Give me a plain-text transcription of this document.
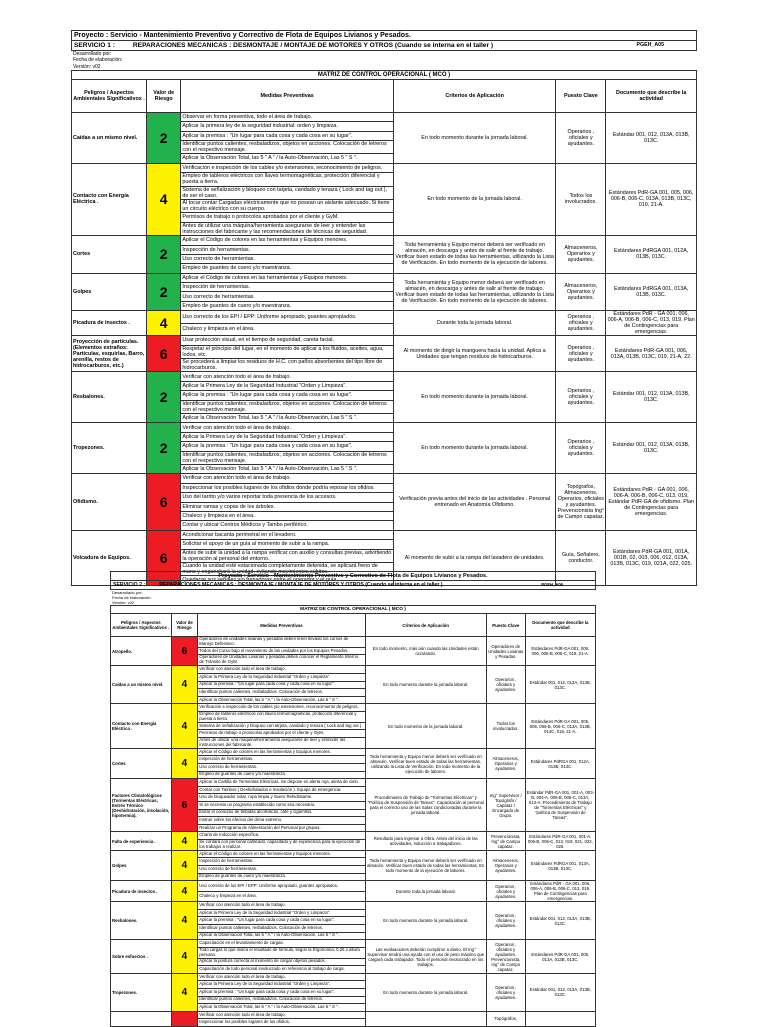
Proyecto : Servicio - Mantenimiento Preventivo y Correctivo de Flota de Equipos Livianos y Pesados.
SERVICIO 1 :	REPARACIONES MECANICAS : DESMONTAJE / MONTAJE DE MOTORES Y OTROS (Cuando se interna en el taller )	PGEH_A05
Desarrollado por:
Fecha de elaboración:
Versión: v02
MATRIZ DE CONTROL OPERACIONAL ( MCO )
Peligros / Aspectos Ambientales Significativos .	Valor de Riesgo	Medidas Preventivas	Criterios de Aplicación	Puesto Clave	Documento que describe la actividad
Caídas a un mismo nivel.	2	Observar en forma preventiva, todo el área de trabajo.	En todo momento durante la jornada laboral.	Operarios , oficiales y ayudantes.	Estándar 001, 012, 013A, 013B, 013C.
		Aplicar la primera ley de la seguridad industrial: orden y limpieza.			
		Aplicar la premisa : "Un lugar para cada cosa y cada cosa en su lugar".			
		Identificar puntos calientes, resbaladizos, objetos en acciones. Colocación de letreros con el respectivo mensaje.			
		Aplicar la Observación Total, las 5 " A " / la Auto-Observación, Las 5 " S ".			
Contacto con Energía Eléctrica .	4	Verificación e inspección de los cables y/o extensiones, reconocimiento de peligros.	En todo momento de la jornada laboral.	Todos los involucrados.	Estándares PdR-GA 001, 005, 006, 006-B, 006-C, 013A, 013B, 013C, 019, 21-A.
		Empleo de tableros eléctricos con llaves termomagnéticas, protección diferencial y puesta a tierra.			
		Sistema de señalización y bloqueo con tarjeta, candado y tenaza ( Lock and tag out ), de ser el caso.			
		Al tocar contar Cargadas eléctricamente que no posean un aislante adecuado. Si tiene un circuito eléctrico con su cuerpo.			
		Permisos de trabajo o protocolos aprobados por el cliente y GyM.			
		Antes de utilizar una máquina/herramienta asegurarse de leer y entender las instrucciones del fabricante y las recomendaciones de técnicas de seguridad.			
Cortes	2	Aplicar el Código de colores en las herramientas y Equipos menores.	Toda herramienta y Equipo menor deberá ser verificado en almacén, en descarga y antes de salir al frente de trabajo. Verificar buen estado de todas las herramientas, utilizando la Lista de Verificación. En todo momento de la ejecución de labores.	Almaceneros, Operarios y ayudantes.	Estándares PdRGA 001, 012A, 013B, 013C.
		Inspección de herramientas.			
		Uso correcto de herramientas.			
		Empleo de guantes de cuero y/o maestranza.			
Golpes	2	Aplicar el Código de colores en las herramientas y Equipos menores.	Toda herramienta y Equipo menor deberá ser verificado en almacén, en descarga y antes de salir al frente de trabajo. Verificar buen estado de todas las herramientas, utilizando la Lista de Verificación. En todo momento de la ejecución de labores.	Almaceneros, Operarios y ayudantes.	Estándares PdRGA 001, 013A, 013B, 013C.
		Inspección de herramientas.			
		Uso correcto de herramientas.			
		Empleo de guantes de cuero y/o maestranza.			
Picadura de insectos .	4	Uso correcto de los EPI / EPP: Uniforme apropiado, guantes apropiados.	Durante toda la jornada laboral.	Operarios , oficiales y ayudantes.	Estándares PdR - GA 001, 006, 006-A, 006-B, 006-C, 013, 019. Plan de Contingencias para emergencias.
		Chaleco y limpieza en el área.			
Proyección de partículas. (Elementos extraños: Partículas, esquirlas, Barro, arenilla, restos de hidrocarburos, etc.)	6	Usar protección visual, en el tiempo de seguridad, careta facial.	Al momento de dirigir la manguera hacia la unidad. Aplica a Unidades que tengan residuos de hidrocarburos.	Operarios , oficiales y ayudantes.	Estándares PdR-GA 001, 006, 013A, 013B, 013C, 019, 21-A, 22.
		Respetar el principio del lugar, en el momento de aplicar a los fluidos, aceites, agua, lodos, etc.			
		Se procederá a limpiar los residuos de H.C. con paños absorbentes del tipo libre de hidrocarburos.			
Resbalones.	2	Verificar con atención todo el área de trabajo.	En todo momento durante la jornada laboral.	Operarios , oficiales y ayudantes.	Estándar 001, 012, 013A, 013B, 013C.
		Aplicar la Primera Ley de la Seguridad Industrial "Orden y Limpieza".			
		Aplicar la premisa : "Un lugar para cada cosa y cada cosa en su lugar".			
		Identificar puntos calientes, resbaladizos, objetos en acciones. Colocación de letreros con el respectivo mensaje.			
		Aplicar la Observación Total, las 5 " A " / la Auto-Observación, Las 5 " S ".			
Tropezones.	2	Verificar con atención todo el área de trabajo.	En todo momento durante la jornada laboral.	Operarios , oficiales y ayudantes.	Estándar 001, 012, 013A, 013B, 013C.
		Aplicar la Primera Ley de la Seguridad Industrial "Orden y Limpieza".			
		Aplicar la premisa : "Un lugar para cada cosa y cada cosa en su lugar".			
		Identificar puntos calientes, resbaladizos, objetos en acciones. Colocación de letreros con el respectivo mensaje.			
		Aplicar la Observación Total, las 5 " A " / la Auto-Observación, Las 5 " S ".			
Ofidismo.	6	Verificar con atención todo el área de trabajo.	Verificación previa antes del inicio de las actividades . Personal entrenado en Anatomía Ofidismo.	Topógrafos, Almaceneros, Operarios, oficiales y ayudantes. Prevencionista Ing° de Campo capataz.	Estándares PdR - GA 001, 006, 006-A, 006-B, 006-C, 013, 019, Estándar PdR-GA de ofidismo. Plan de Contingencias para emergencias.
		Inspeccionar los posibles lugares de los ofidios donde podría reposar los ofidios.			
		Uso del tarrito y/o varios reportar toda presencia de los accesos.			
		Eliminar ramas y copas de los árboles.			
		Chaleco y limpieza en el área.			
		Contar y ubicar Centros Médicos y Tambo periférico.			
Volcadura de Equipos.	6	Acondicionar bacanta perimetral en el levadero.	Al momento de subir a la rampa del lavadero de unidades.	Guía, Señalero, conductor.	Estándares PdR-GA 001, 001A, 001B, 02, 003, 006, 012, 013A, 013B, 013C, 019, 021A, 022, 025.
		Solicitar el apoyo de un guía al momento de subir a la rampa.			
		Antes de subir la unidad a la rampa verificar con auxilio y consultas previas, advirtiendo la operación al personal del entorno.			
		Cuando la unidad esté estacionada completamente detenida, se aplicará freno de mano y enganchará la unidad, evitando movimientos súbitos.			
		Quedarse sus señales y/o frenadoras entre el operador y el guía.			
Proyecto : Servicio - Mantenimiento Preventivo y Correctivo de Flota de Equipos Livianos y Pesados.
SERVICIO 2 :	REPARACIONES MECANICAS : DESMONTAJE / MONTAJE DE MOTORES Y OTROS (Cuando se interna en el taller )	PGEH_A06
Desarrollado por:
Fecha de elaboración:
Versión: v02
MATRIZ DE CONTROL OPERACIONAL ( MCO )
Peligros / Aspectos Ambientales Significativos .	Valor de Riesgo	Medidas Preventivas	Criterios de Aplicación	Puesto Clave	Documento que describe la actividad
Atropello.	6	Operadores de unidades livianas y pesadas deben tener llevado los cursos de Manejo Defensivo.	En todo momento, más aún cuando las Unidades están circulando.	Operadores de Unidades Livianas y Pesadas.	Estándares PdR-GA 001, 005, 006, 006-B, 006-C, 019, 21-A.
		Todos del Curso bajo el movimiento de las unidades por los Equipos Pesados.			
		Operadores de Unidades Livianas y pesadas deben conocer el Reglamento Interno de Tránsito de GyM.			
Caídas a un mismo nivel.	4	Verificar con atención todo el área de trabajo.	En todo momento durante la jornada laboral.	Operarios , oficiales y ayudantes.	Estándar 001, 012, 013A, 013B, 013C.
		Aplicar la Primera Ley de la Seguridad Industrial "Orden y Limpieza".			
		Aplicar la premisa : "Un lugar para cada cosa y cada cosa en su lugar".			
		Identificar puntos calientes, resbaladizos. Colocación de letreros.			
		Aplicar la Observación Total, las 5 " A " / la Auto-Observación, Las 5 " S ".			
Contacto con Energía Eléctrica .	4	Verificación e inspección de los cables y/o extensiones, reconocimiento de peligros.	En todo momento de la jornada laboral.	Todos los involucrados.	Estándares PdR-GA 001, 005, 006, 006-B, 006-C, 013A, 013B, 013C, 019, 21-A.
		Empleo de tableros eléctricos con llaves termomagnéticas, protección diferencial y puesta a tierra.			
		Sistema de señalización y bloqueo con tarjeta, candado y tenaza ( Lock and tag out ).			
		Permisos de trabajo o protocolos aprobados por el cliente y GyM.			
		Antes de utilizar una máquina/herramienta asegurarse de leer y entender las instrucciones del fabricante.			
Cortes	4	Aplicar el Código de colores en las herramientas y Equipos menores.	Toda herramienta y Equipo menor deberá ser verificado en almacén. Verificar buen estado de todas las herramientas, utilizando la Lista de Verificación. En todo momento de la ejecución de labores.	Almaceneros, Operarios y ayudantes.	Estándares PdRGA 001, 012A, 013B, 013C.
		Inspección de herramientas.			
		Uso correcto de herramientas.			
		Empleo de guantes de cuero y/o maestranza.			
Factores Climatológicos (Tormentas Eléctricas, Estrés Térmico (Deshidratación, insolación, hipotermia).	6	Aplicar la Cartilla de Tormentas Eléctricas. Se dispone en alerta roja, alerta de cielo.	Procedimiento de Trabajo de "Tormentas Eléctricas" y "Política de Suspensión de Tareas". Capacitación al personal para el correcto uso de las Salas condicionadas durante la jornada laboral.	Ing° Supervisor / Topógrafo / Capataz / Encargado de Grupo.	Estándar PdR-GA 001, 001-A, 003-B, 004-A, 006-B, 006-C, 013A, 013-A. Procedimiento de Trabajo de "Tormentas Eléctricas" y "política de Suspensión de Tareas".
		Contar con Tambos ( Deshidratados e Insolación ). Equipo de emergencia.			
		Uso de bloqueador solar, ropa limpia y Suero Rehidratante.			
		Si se necesita un programa establecido como sea necesario.			
		Evitar el consumo de bebidas alcohólicas, café y cigarrillos.			
		Instruir sobre los efectos del clima extremo.			
		Realizar un Programa de Alimentación del Personal por grupos.			
Falta de experiencia .	4	Charla de Inducción específica.	Resultado para ingresar a Obra. Antes del inicio de las actividades, inducción a trabajadores.	Prevencionista, Ing° de Campo capataz.	Estándares PdR-GA 001, 001-A, 006-B, 006-C, 013, 019, 021, 022, 025.
		Se contará con personal calificado, capacitado y de experiencia para la ejecución de los trabajos a realizar.			
Golpes	4	Aplicar el Código de colores en las herramientas y Equipos menores.	Toda herramienta y Equipo menor deberá ser verificado en almacén. Verificar buen estado de todas las herramientas. En todo momento de la ejecución de labores.	Almaceneros, Operarios y ayudantes.	Estándares PdRGA 001, 013A, 013B, 013C.
		Inspección de herramientas.			
		Uso correcto de herramientas.			
		Empleo de guantes de cuero y/o maestranza.			
Picadura de insectos .	4	Uso correcto de los EPI / EPP: Uniforme apropiado, guantes apropiados.	Durante toda la jornada laboral.	Operarios , oficiales y ayudantes.	Estándares PdR - GA 001, 006, 006-A, 006-B, 006-C, 013, 019. Plan de Contingencias para emergencias.
		Chaleco y limpieza en el área.			
Resbalones.	4	Verificar con atención todo el área de trabajo.	En todo momento durante la jornada laboral.	Operarios , oficiales y ayudantes.	Estándar 001, 012, 013A, 013B, 013C.
		Aplicar la Primera Ley de la Seguridad Industrial "Orden y Limpieza".			
		Aplicar la premisa : "Un lugar para cada cosa y cada cosa en su lugar".			
		Identificar puntos calientes, resbaladizos. Colocación de letreros.			
		Aplicar la Observación Total, las 5 " A " / la Auto-Observación, Las 5 " S ".			
Sobre esfuerzos .	4	Capacitación en el levantamiento de cargas.	Las evaluaciones deberán cumplirse a diario. El Ing° Supervisor tendrá una ayuda con el uso de peso máximo que cargará cada trabajador. Todo el personal involucrado en los trabajos.	Operarios , oficiales y ayudantes. Prevencionista, Ing° de Campo capataz.	Estándares PdR-GA 001, 005, 013A, 013B, 013C.
		Todo cargas lo que indica el resultado de fórmula, según la Ergonomía, 0.25 x altura persona.			
		Aplicar la postura correcta al momento de cargar objetos pesados.			
		Capacitación de todo personal involucrado en referencia al trabajo de carga.			
Tropezones.	4	Verificar con atención todo el área de trabajo.	En todo momento durante la jornada laboral.	Operarios , oficiales y ayudantes.	Estándar 001, 012, 013A, 013B, 013C.
		Aplicar la Primera Ley de la Seguridad Industrial "Orden y Limpieza".			
		Aplicar la premisa : "Un lugar para cada cosa y cada cosa en su lugar".			
		Identificar puntos calientes, resbaladizos. Colocación de letreros.			
		Aplicar la Observación Total, las 5 " A " / la Auto-Observación, Las 5 " S ".			
		Verificar con atención todo el área de trabajo.		Topógrafos,	
		Inspeccionar los posibles lugares de los ofidios.			
